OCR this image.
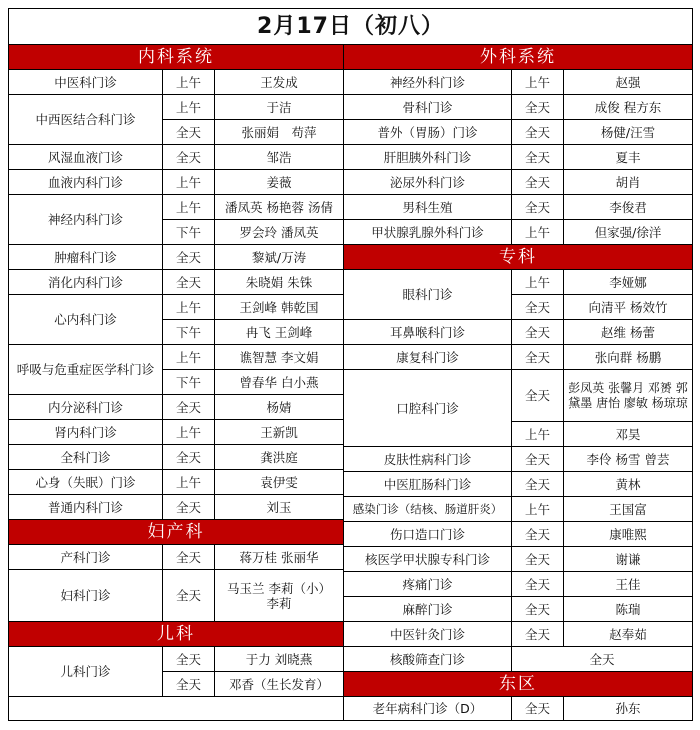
2月17日（初八）
内科系统	外科系统
专科
妇产科
儿科
东区
中医科门诊
中西医结合科门诊
风湿血液门诊
血液内科门诊
神经内科门诊
肿瘤科门诊
消化内科门诊
心内科门诊
呼吸与危重症医学科门诊
内分泌科门诊
肾内科门诊
全科门诊
心身（失眠）门诊
普通内科门诊
产科门诊
妇科门诊
儿科门诊
上午
上午
全天
全天
上午
上午
下午
全天
全天
上午
下午
上午
下午
全天
上午
全天
上午
全天
全天
全天
全天
全天
王发成
于洁
张丽娟　苟萍
邹浩
姜薇
潘凤英 杨艳蓉 汤倩
罗会玲 潘凤英
黎斌/万涛
朱晓娟 朱铢
王剑峰 韩乾国
冉飞 王剑峰
谯智慧 李文娟
曾春华 白小燕
杨婧
王新凯
龚洪庭
袁伊雯
刘玉
蒋万桂 张丽华
马玉兰 李莉（小）李莉
于力 刘晓燕
邓香（生长发育）
神经外科门诊
骨科门诊
普外（胃肠）门诊
肝胆胰外科门诊
泌尿外科门诊
男科生殖
甲状腺乳腺外科门诊
眼科门诊
耳鼻喉科门诊
康复科门诊
口腔科门诊
皮肤性病科门诊
中医肛肠科门诊
感染门诊（结核、肠道肝炎）
伤口造口门诊
核医学甲状腺专科门诊
疼痛门诊
麻醉门诊
中医针灸门诊
核酸筛查门诊
老年病科门诊（D）
上午
全天
全天
全天
全天
全天
上午
上午
全天
全天
全天
全天
上午
全天
全天
上午
全天
全天
全天
全天
全天
全天
全天
赵强
成俊 程方东
杨健/汪雪
夏丰
胡肖
李俊君
但家强/徐洋
李娅娜
向清平 杨效竹
赵维 杨蕾
张向群 杨鹏
彭凤英 张馨月 邓赟 郭黛墨 唐怡 廖敏 杨琼琼
邓昊
李伶 杨雪 曾芸
黄林
王国富
康唯熙
谢谦
王佳
陈瑞
赵奉茹
孙东
